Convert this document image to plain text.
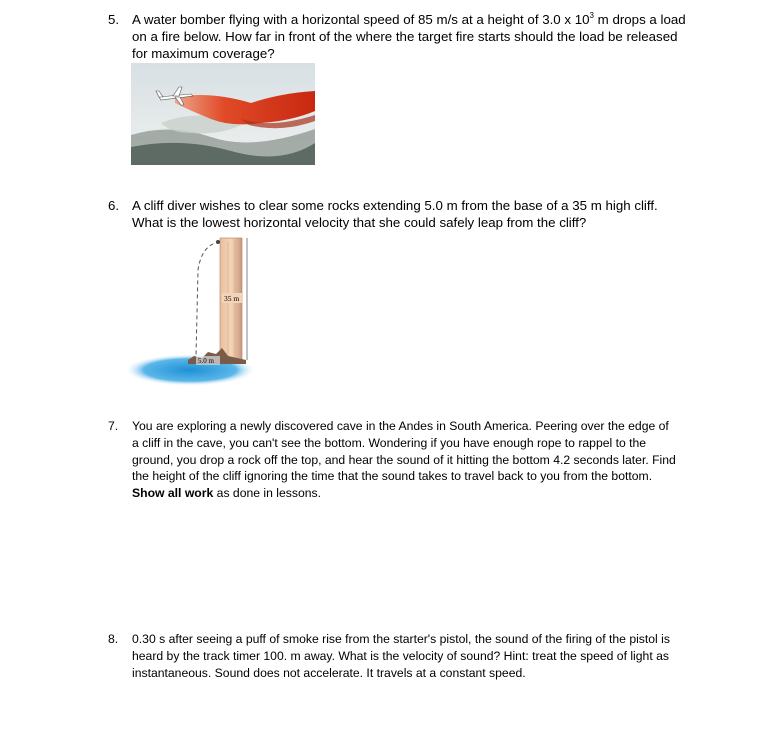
5. A water bomber flying with a horizontal speed of 85 m/s at a height of 3.0 x $10^3$ m drops a load on a fire below. How far in front of the where the target fire starts should the load be released for maximum coverage?
6. A cliff diver wishes to clear some rocks extending 5.0 m from the base of a 35 m high cliff. What is the lowest horizontal velocity that she could safely leap from the cliff?
35 m
5.0 m
7. You are exploring a newly discovered cave in the Andes in South America. Peering over the edge of a cliff in the cave, you can't see the bottom. Wondering if you have enough rope to rappel to the ground, you drop a rock off the top, and hear the sound of it hitting the bottom 4.2 seconds later. Find the height of the cliff ignoring the time that the sound takes to travel back to you from the bottom. Show all work as done in lessons.
8. 0.30 s after seeing a puff of smoke rise from the starter's pistol, the sound of the firing of the pistol is heard by the track timer 100. m away. What is the velocity of sound? Hint: treat the speed of light as instantaneous. Sound does not accelerate. It travels at a constant speed.
